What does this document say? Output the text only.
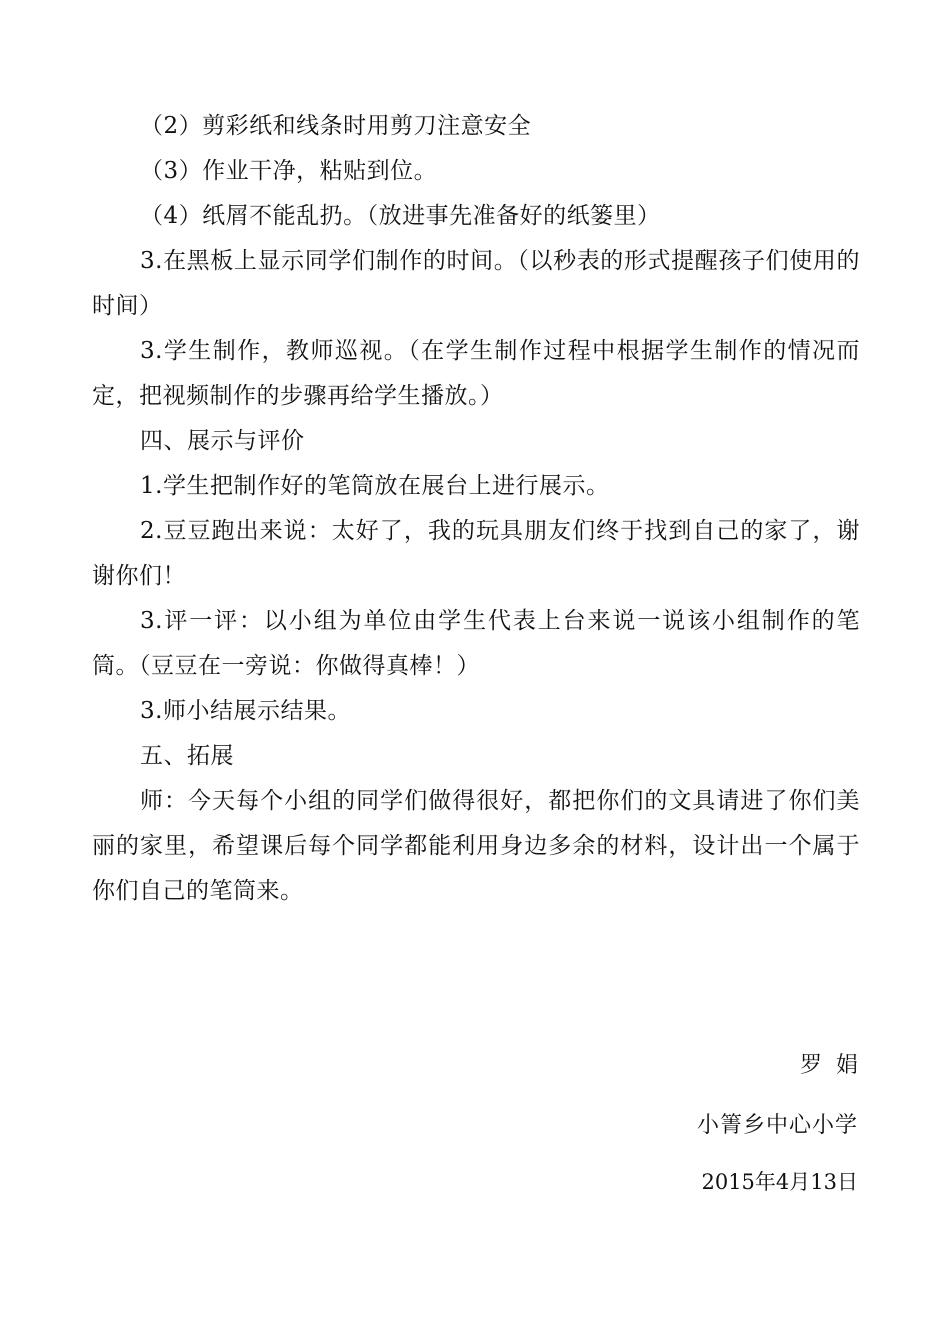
（2）剪彩纸和线条时用剪刀注意安全

（3）作业干净，粘贴到位。

（4）纸屑不能乱扔。（放进事先准备好的纸篓里）

3.在黑板上显示同学们制作的时间。（以秒表的形式提醒孩子们使用的时间）

3.学生制作，教师巡视。（在学生制作过程中根据学生制作的情况而定，把视频制作的步骤再给学生播放。）

四、展示与评价

1.学生把制作好的笔筒放在展台上进行展示。

2.豆豆跑出来说：太好了，我的玩具朋友们终于找到自己的家了，谢谢你们！

3.评一评：以小组为单位由学生代表上台来说一说该小组制作的笔筒。（豆豆在一旁说：你做得真棒！）

3.师小结展示结果。

五、拓展

师：今天每个小组的同学们做得很好，都把你们的文具请进了你们美丽的家里，希望课后每个同学都能利用身边多余的材料，设计出一个属于你们自己的笔筒来。

罗娟

小箐乡中心小学

2015年4月13日
